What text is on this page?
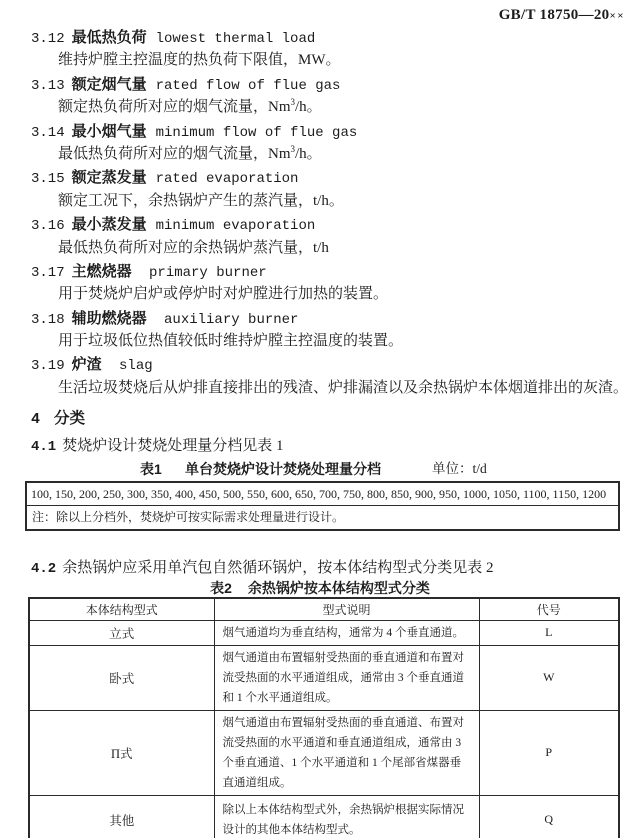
GB/T 18750—20××
3.12 最低热负荷 lowest thermal load
维持炉膛主控温度的热负荷下限值，MW。
3.13 额定烟气量 rated flow of flue gas
额定热负荷所对应的烟气流量，Nm$^3$/h。
3.14 最小烟气量 minimum flow of flue gas
最低热负荷所对应的烟气流量，Nm$^3$/h。
3.15 额定蒸发量 rated evaporation
额定工况下，余热锅炉产生的蒸汽量，t/h。
3.16 最小蒸发量 minimum evaporation
最低热负荷所对应的余热锅炉蒸汽量，t/h
3.17 主燃烧器 primary burner
用于焚烧炉启炉或停炉时对炉膛进行加热的装置。
3.18 辅助燃烧器 auxiliary burner
用于垃圾低位热值较低时维持炉膛主控温度的装置。
3.19 炉渣 slag
生活垃圾焚烧后从炉排直接排出的残渣、炉排漏渣以及余热锅炉本体烟道排出的灰渣。
4 分类
4.1 焚烧炉设计焚烧处理量分档见表 1
表1 单台焚烧炉设计焚烧处理量分档	单位：t/d
100, 150, 200, 250, 300, 350, 400, 450, 500, 550, 600, 650, 700, 750, 800, 850, 900, 950, 1000, 1050, 1100, 1150, 1200
注：除以上分档外，焚烧炉可按实际需求处理量进行设计。
4.2 余热锅炉应采用单汽包自然循环锅炉，按本体结构型式分类见表 2
表2 余热锅炉按本体结构型式分类
本体结构型式	型式说明	代号
立式	烟气通道均为垂直结构，通常为 4 个垂直通道。	L
卧式	烟气通道由布置辐射受热面的垂直通道和布置对流受热面的水平通道组成，通常由 3 个垂直通道和 1 个水平通道组成。	W
Π式	烟气通道由布置辐射受热面的垂直通道、布置对流受热面的水平通道和垂直通道组成，通常由 3 个垂直通道、1 个水平通道和 1 个尾部省煤器垂直通道组成。	P
其他	除以上本体结构型式外，余热锅炉根据实际情况设计的其他本体结构型式。	Q
